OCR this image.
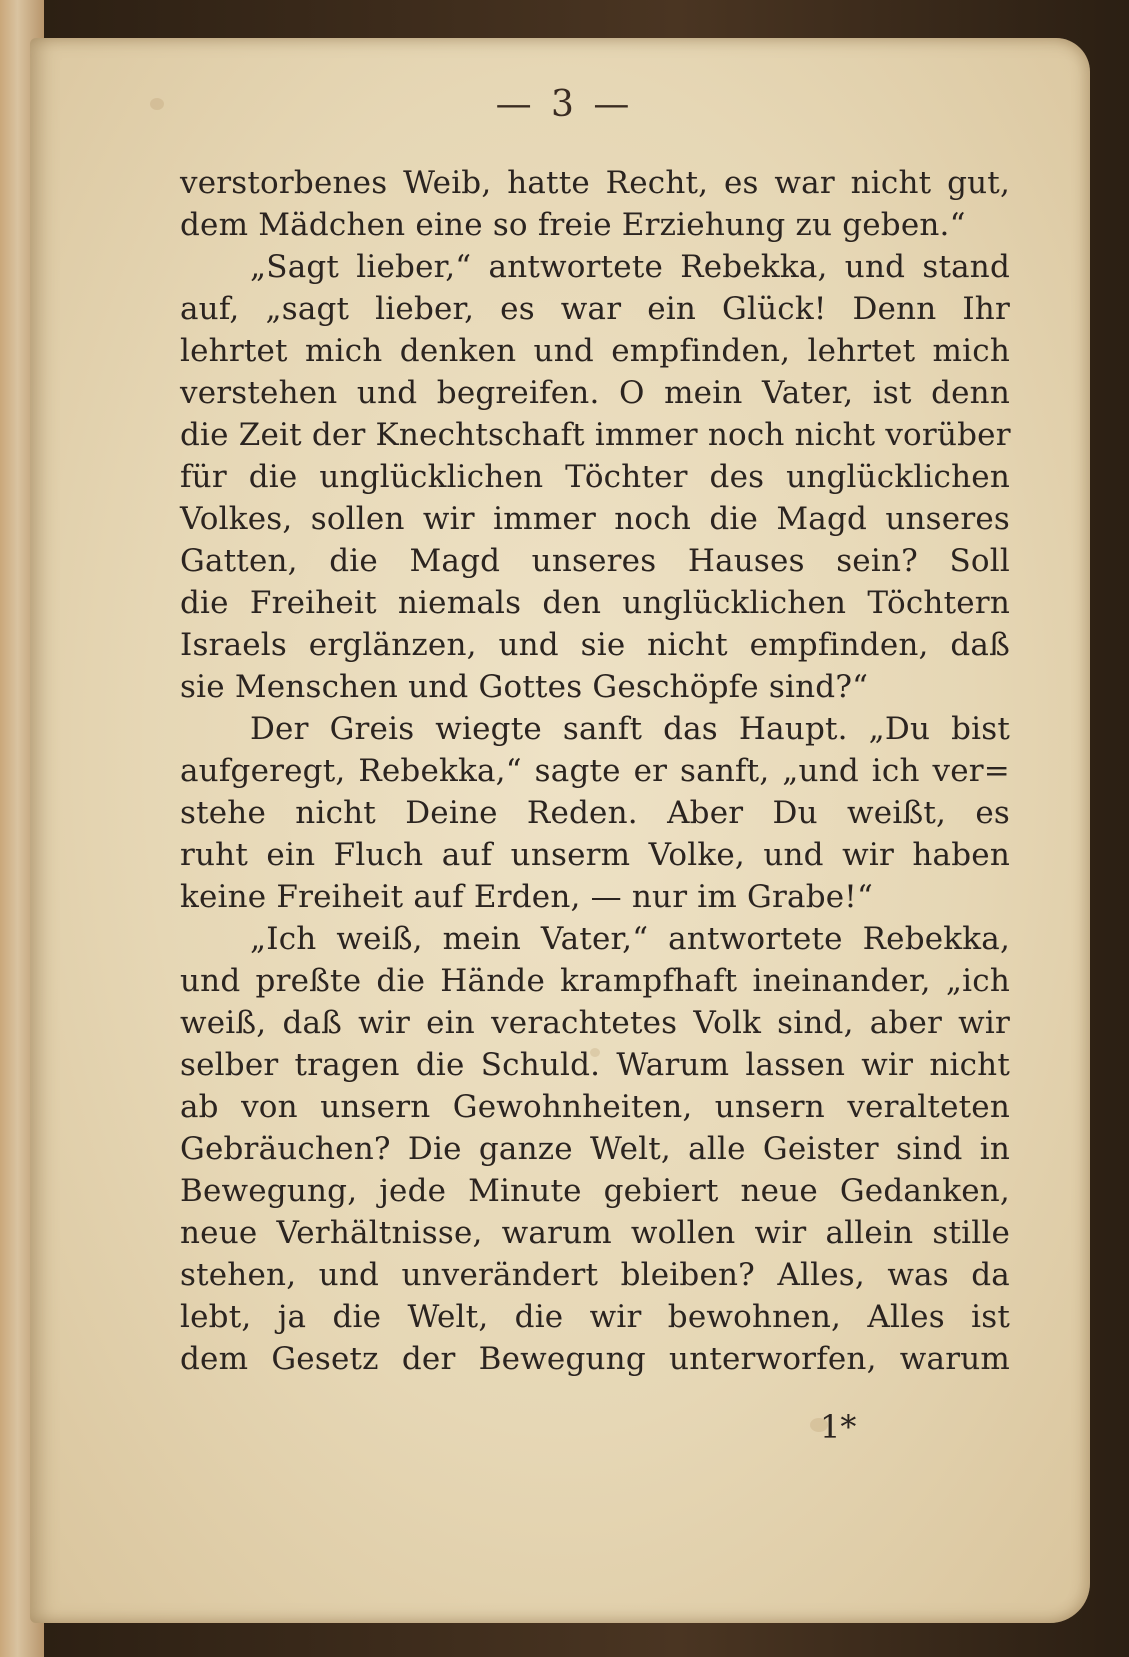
— 3 —
verstorbenes Weib, hatte Recht, es war nicht gut,
dem Mädchen eine so freie Erziehung zu geben.“
„Sagt lieber,“ antwortete Rebekka, und stand
auf, „sagt lieber, es war ein Glück! Denn Ihr
lehrtet mich denken und empfinden, lehrtet mich
verstehen und begreifen. O mein Vater, ist denn
die Zeit der Knechtschaft immer noch nicht vorüber
für die unglücklichen Töchter des unglücklichen
Volkes, sollen wir immer noch die Magd unseres
Gatten, die Magd unseres Hauses sein? Soll
die Freiheit niemals den unglücklichen Töchtern
Israels erglänzen, und sie nicht empfinden, daß
sie Menschen und Gottes Geschöpfe sind?“
Der Greis wiegte sanft das Haupt. „Du bist
aufgeregt, Rebekka,“ sagte er sanft, „und ich ver=
stehe nicht Deine Reden. Aber Du weißt, es
ruht ein Fluch auf unserm Volke, und wir haben
keine Freiheit auf Erden, — nur im Grabe!“
„Ich weiß, mein Vater,“ antwortete Rebekka,
und preßte die Hände krampfhaft ineinander, „ich
weiß, daß wir ein verachtetes Volk sind, aber wir
selber tragen die Schuld. Warum lassen wir nicht
ab von unsern Gewohnheiten, unsern veralteten
Gebräuchen? Die ganze Welt, alle Geister sind in
Bewegung, jede Minute gebiert neue Gedanken,
neue Verhältnisse, warum wollen wir allein stille
stehen, und unverändert bleiben? Alles, was da
lebt, ja die Welt, die wir bewohnen, Alles ist
dem Gesetz der Bewegung unterworfen, warum
1*
